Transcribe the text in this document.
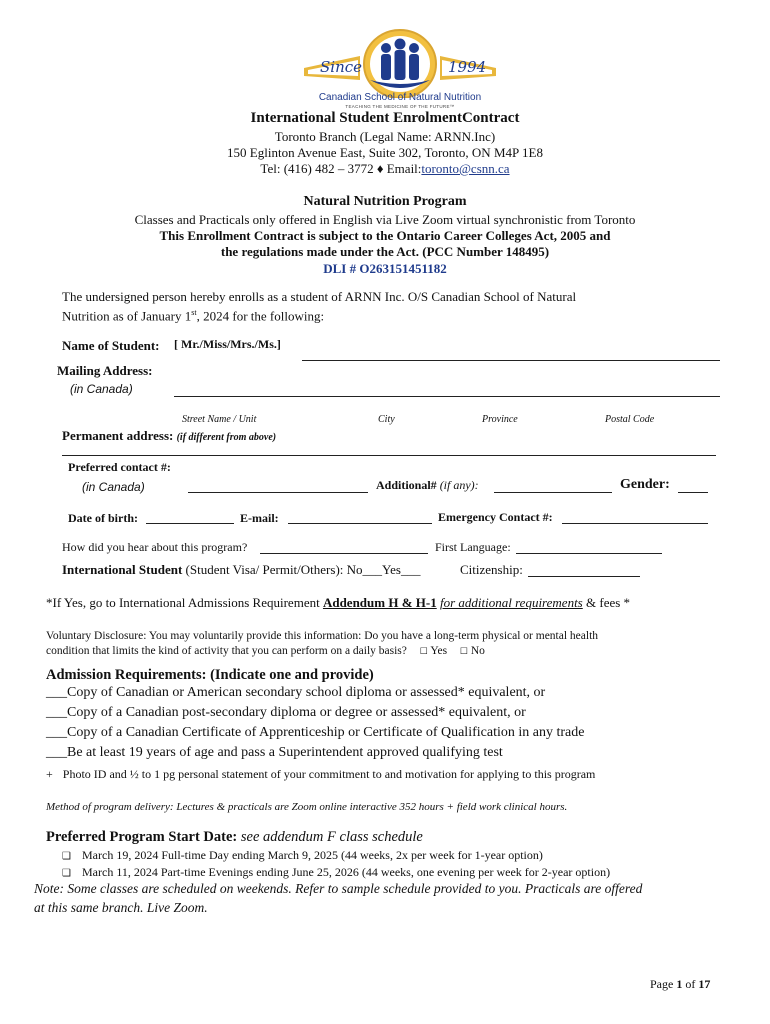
Since	1994
Canadian School of Natural Nutrition
TEACHING THE MEDICINE OF THE FUTURE™
International Student EnrolmentContract
Toronto Branch (Legal Name: ARNN.Inc)
150 Eglinton Avenue East, Suite 302, Toronto, ON M4P 1E8
Tel: (416) 482 – 3772 ♦ Email:toronto@csnn.ca
Natural Nutrition Program
Classes and Practicals only offered in English via Live Zoom virtual synchronistic from Toronto
This Enrollment Contract is subject to the Ontario Career Colleges Act, 2005 and
the regulations made under the Act. (PCC Number 148495)
DLI # O263151451182
The undersigned person hereby enrolls as a student of ARNN Inc. O/S Canadian School of Natural
Nutrition as of January 1st, 2024 for the following:
Name of Student: [ Mr./Miss/Mrs./Ms.]
Mailing Address:
(in Canada)
Street Name / Unit	City	Province	Postal Code
Permanent address: (if different from above)
Preferred contact #:
(in Canada)	Additional# (if any):	Gender:
Date of birth:	E-mail:	Emergency Contact #:
How did you hear about this program?	First Language:
International Student (Student Visa/ Permit/Others): No___Yes___	Citizenship:
*If Yes, go to International Admissions Requirement Addendum H & H-1 for additional requirements & fees *
Voluntary Disclosure: You may voluntarily provide this information: Do you have a long-term physical or mental health
condition that limits the kind of activity that you can perform on a daily basis? ☐ Yes ☐ No
Admission Requirements: (Indicate one and provide)
___Copy of Canadian or American secondary school diploma or assessed* equivalent, or
___Copy of a Canadian post-secondary diploma or degree or assessed* equivalent, or
___Copy of a Canadian Certificate of Apprenticeship or Certificate of Qualification in any trade
___Be at least 19 years of age and pass a Superintendent approved qualifying test
+ Photo ID and ½ to 1 pg personal statement of your commitment to and motivation for applying to this program
Method of program delivery: Lectures & practicals are Zoom online interactive 352 hours + field work clinical hours.
Preferred Program Start Date: see addendum F class schedule
❑ March 19, 2024 Full-time Day ending March 9, 2025 (44 weeks, 2x per week for 1-year option)
❑ March 11, 2024 Part-time Evenings ending June 25, 2026 (44 weeks, one evening per week for 2-year option)
Note: Some classes are scheduled on weekends. Refer to sample schedule provided to you. Practicals are offered
at this same branch. Live Zoom.
Page 1 of 17
